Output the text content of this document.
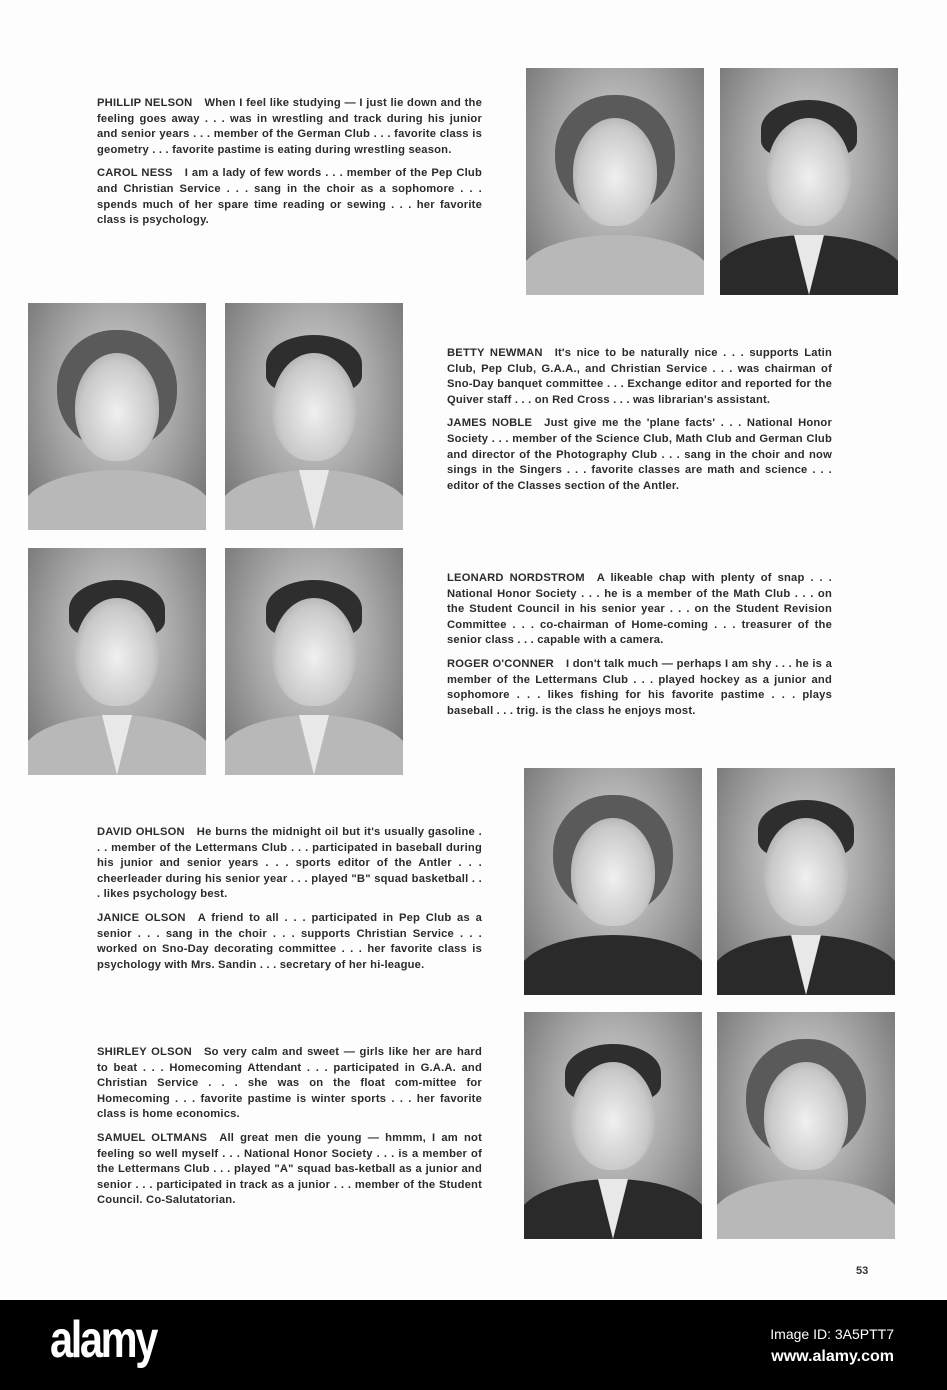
PHILLIP NELSON When I feel like studying — I just lie down and the feeling goes away . . . was in wrestling and track during his junior and senior years . . . member of the German Club . . . favorite class is geometry . . . favorite pastime is eating during wrestling season.

CAROL NESS I am a lady of few words . . . member of the Pep Club and Christian Service . . . sang in the choir as a sophomore . . . spends much of her spare time reading or sewing . . . her favorite class is psychology.

BETTY NEWMAN It's nice to be naturally nice . . . supports Latin Club, Pep Club, G.A.A., and Christian Service . . . was chairman of Sno-Day banquet committee . . . Exchange editor and reported for the Quiver staff . . . on Red Cross . . . was librarian's assistant.

JAMES NOBLE Just give me the 'plane facts' . . . National Honor Society . . . member of the Science Club, Math Club and German Club and director of the Photography Club . . . sang in the choir and now sings in the Singers . . . favorite classes are math and science . . . editor of the Classes section of the Antler.

LEONARD NORDSTROM A likeable chap with plenty of snap . . . National Honor Society . . . he is a member of the Math Club . . . on the Student Council in his senior year . . . on the Student Revision Committee . . . co-chairman of Home-coming . . . treasurer of the senior class . . . capable with a camera.

ROGER O'CONNER I don't talk much — perhaps I am shy . . . he is a member of the Lettermans Club . . . played hockey as a junior and sophomore . . . likes fishing for his favorite pastime . . . plays baseball . . . trig. is the class he enjoys most.

DAVID OHLSON He burns the midnight oil but it's usually gasoline . . . member of the Lettermans Club . . . participated in baseball during his junior and senior years . . . sports editor of the Antler . . . cheerleader during his senior year . . . played "B" squad basketball . . . likes psychology best.

JANICE OLSON A friend to all . . . participated in Pep Club as a senior . . . sang in the choir . . . supports Christian Service . . . worked on Sno-Day decorating committee . . . her favorite class is psychology with Mrs. Sandin . . . secretary of her hi-league.

SHIRLEY OLSON So very calm and sweet — girls like her are hard to beat . . . Homecoming Attendant . . . participated in G.A.A. and Christian Service . . . she was on the float com-mittee for Homecoming . . . favorite pastime is winter sports . . . her favorite class is home economics.

SAMUEL OLTMANS All great men die young — hmmm, I am not feeling so well myself . . . National Honor Society . . . is a member of the Lettermans Club . . . played "A" squad bas-ketball as a junior and senior . . . participated in track as a junior . . . member of the Student Council. Co-Salutatorian.

53
alamy	Image ID: 3A5PTT7
www.alamy.com
